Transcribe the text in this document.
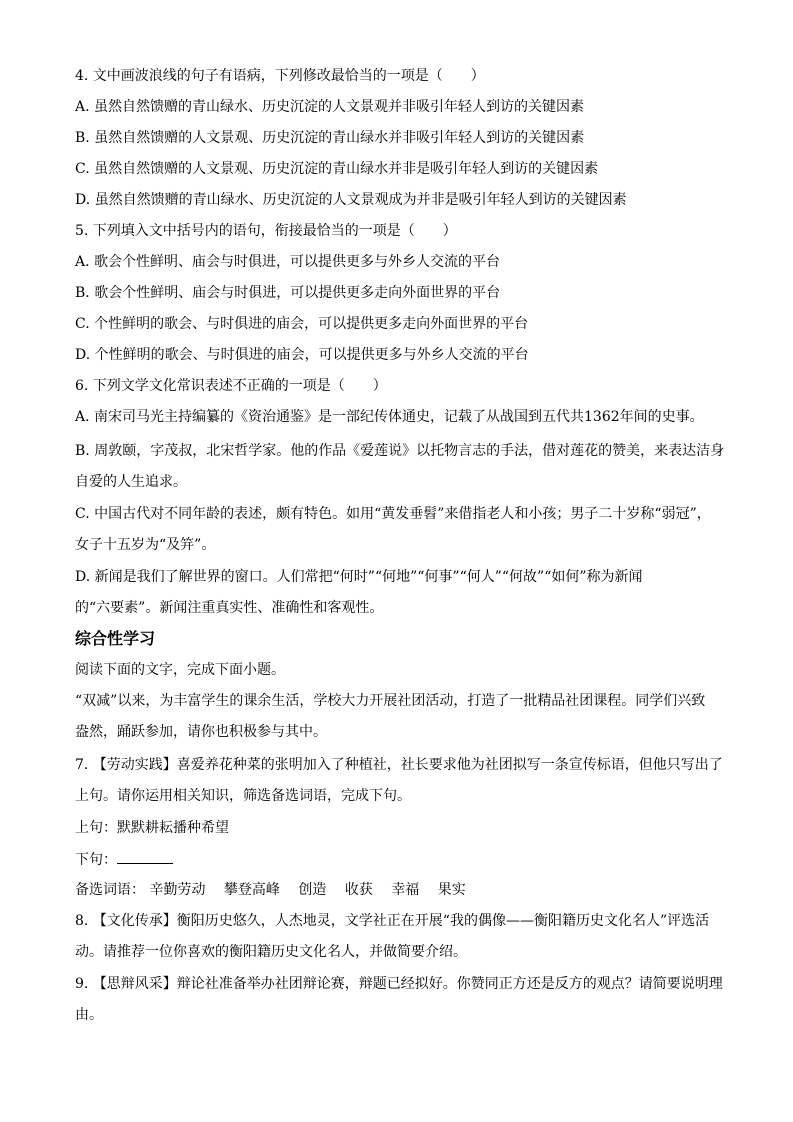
4. 文中画波浪线的句子有语病，下列修改最恰当的一项是（　　）
A. 虽然自然馈赠的青山绿水、历史沉淀的人文景观并非吸引年轻人到访的关键因素
B. 虽然自然馈赠的人文景观、历史沉淀的青山绿水并非吸引年轻人到访的关键因素
C. 虽然自然馈赠的人文景观、历史沉淀的青山绿水并非是吸引年轻人到访的关键因素
D. 虽然自然馈赠的青山绿水、历史沉淀的人文景观成为并非是吸引年轻人到访的关键因素
5. 下列填入文中括号内的语句，衔接最恰当的一项是（　　）
A. 歌会个性鲜明、庙会与时俱进，可以提供更多与外乡人交流的平台
B. 歌会个性鲜明、庙会与时俱进，可以提供更多走向外面世界的平台
C. 个性鲜明的歌会、与时俱进的庙会，可以提供更多走向外面世界的平台
D. 个性鲜明的歌会、与时俱进的庙会，可以提供更多与外乡人交流的平台
6. 下列文学文化常识表述不正确的一项是（　　）
A. 南宋司马光主持编纂的《资治通鉴》是一部纪传体通史，记载了从战国到五代共1362年间的史事。
B. 周敦颐，字茂叔，北宋哲学家。他的作品《爱莲说》以托物言志的手法，借对莲花的赞美，来表达洁身
自爱的人生追求。
C. 中国古代对不同年龄的表述，颇有特色。如用“黄发垂髫”来借指老人和小孩；男子二十岁称“弱冠”，
女子十五岁为“及笄”。
D. 新闻是我们了解世界的窗口。人们常把“何时”“何地”“何事”“何人”“何故”“如何”称为新闻
的“六要素”。新闻注重真实性、准确性和客观性。
综合性学习
阅读下面的文字，完成下面小题。
“双减”以来，为丰富学生的课余生活，学校大力开展社团活动，打造了一批精品社团课程。同学们兴致
盎然，踊跃参加，请你也积极参与其中。
7. 【劳动实践】喜爱养花种菜的张明加入了种植社，社长要求他为社团拟写一条宣传标语，但他只写出了
上句。请你运用相关知识，筛选备选词语，完成下句。
上句：默默耕耘播种希望
下句：
备选词语： 辛勤劳动 攀登高峰 创造 收获 幸福 果实
8. 【文化传承】衡阳历史悠久，人杰地灵，文学社正在开展“我的偶像——衡阳籍历史文化名人”评选活
动。请推荐一位你喜欢的衡阳籍历史文化名人，并做简要介绍。
9. 【思辩风采】辩论社准备举办社团辩论赛，辩题已经拟好。你赞同正方还是反方的观点？请简要说明理
由。
